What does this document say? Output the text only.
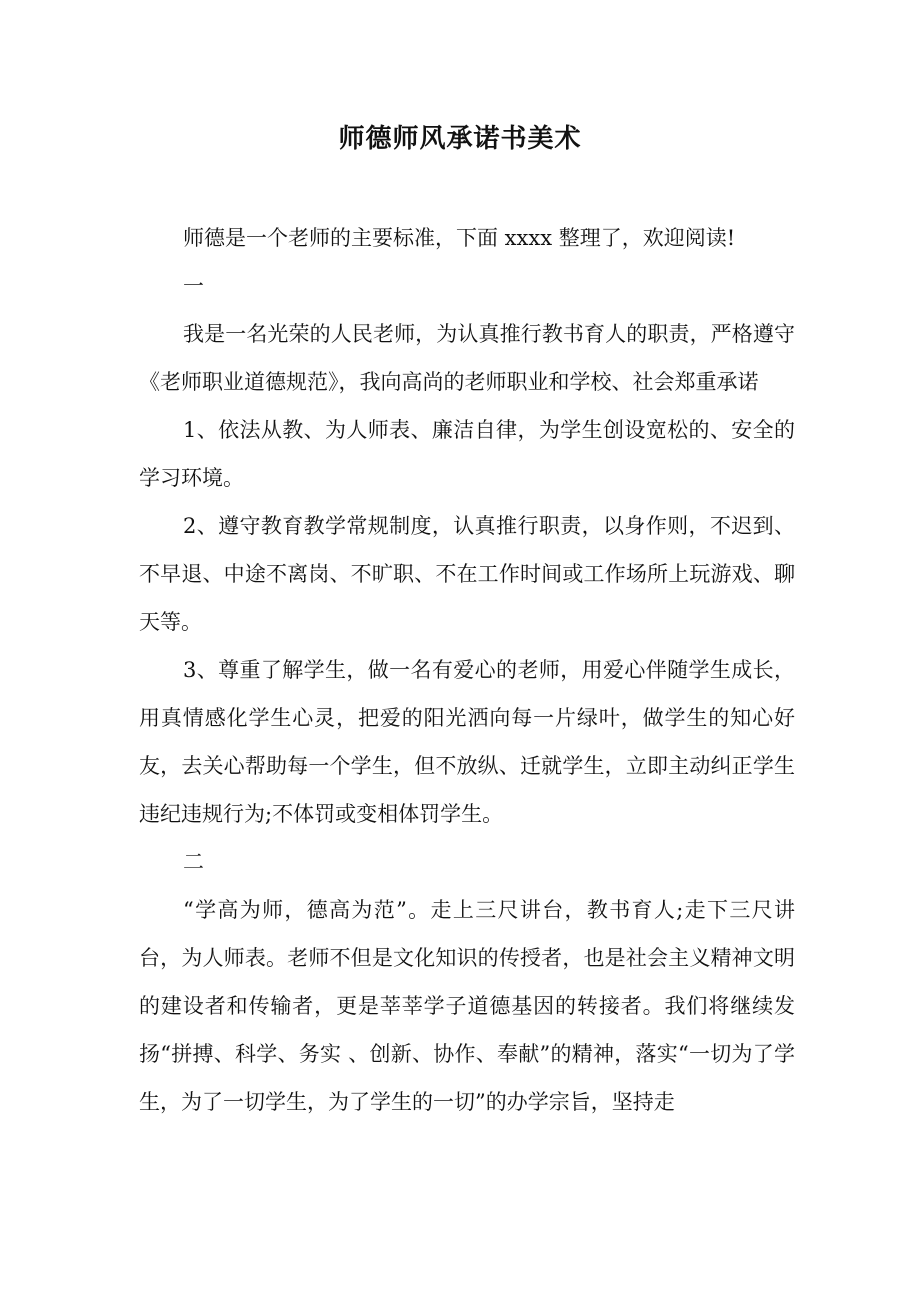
师德师风承诺书美术

师德是一个老师的主要标准，下面 xxxx 整理了，欢迎阅读!

一

我是一名光荣的人民老师，为认真推行教书育人的职责，严格遵守《老师职业道德规范》，我向高尚的老师职业和学校、社会郑重承诺

1、依法从教、为人师表、廉洁自律，为学生创设宽松的、安全的学习环境。

2、遵守教育教学常规制度，认真推行职责，以身作则，不迟到、不早退、中途不离岗、不旷职、不在工作时间或工作场所上玩游戏、聊天等。

3、尊重了解学生，做一名有爱心的老师，用爱心伴随学生成长，用真情感化学生心灵，把爱的阳光洒向每一片绿叶，做学生的知心好友，去关心帮助每一个学生，但不放纵、迁就学生，立即主动纠正学生违纪违规行为;不体罚或变相体罚学生。

二

“学高为师，德高为范”。走上三尺讲台，教书育人;走下三尺讲台，为人师表。老师不但是文化知识的传授者，也是社会主义精神文明的建设者和传输者，更是莘莘学子道德基因的转接者。我们将继续发扬“拼搏、科学、务实 、创新、协作、奉献”的精神，落实“一切为了学生，为了一切学生，为了学生的一切”的办学宗旨，坚持走
